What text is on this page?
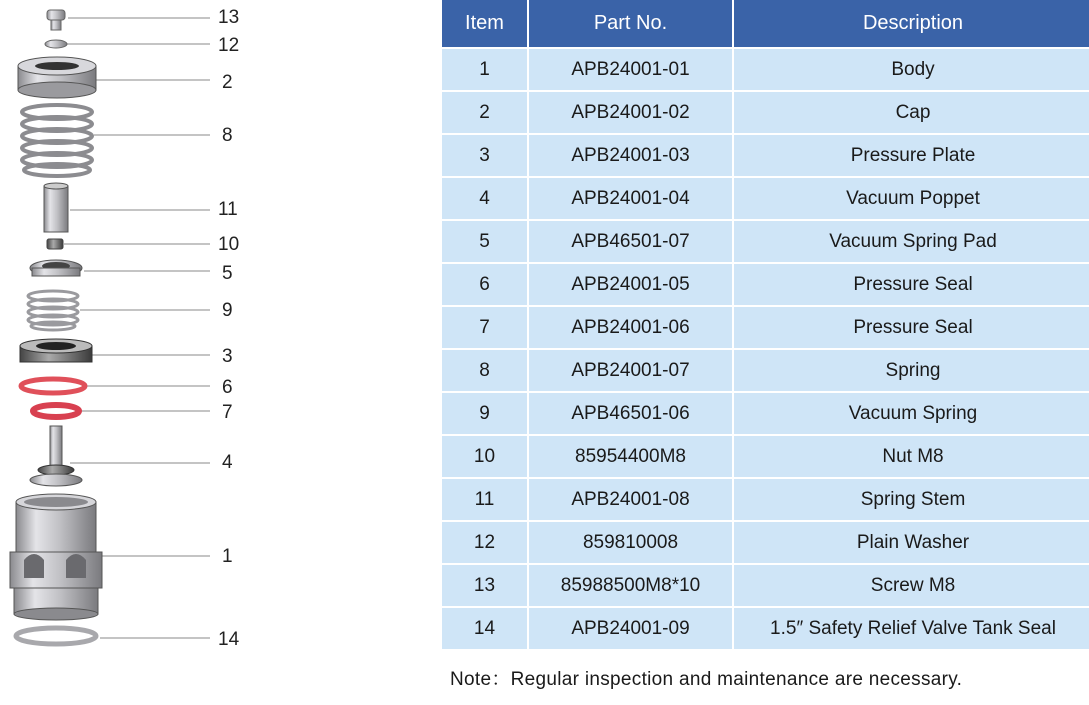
13
12
2
8
11
10
5
9
3
6
7
4
1
14
Item	Part No.	Description
1	APB24001-01	Body
2	APB24001-02	Cap
3	APB24001-03	Pressure Plate
4	APB24001-04	Vacuum Poppet
5	APB46501-07	Vacuum Spring Pad
6	APB24001-05	Pressure Seal
7	APB24001-06	Pressure Seal
8	APB24001-07	Spring
9	APB46501-06	Vacuum Spring
10	85954400M8	Nut M8
11	APB24001-08	Spring Stem
12	859810008	Plain Washer
13	85988500M8*10	Screw M8
14	APB24001-09	1.5″ Safety Relief Valve Tank Seal
Note：Regular inspection and maintenance are necessary.
